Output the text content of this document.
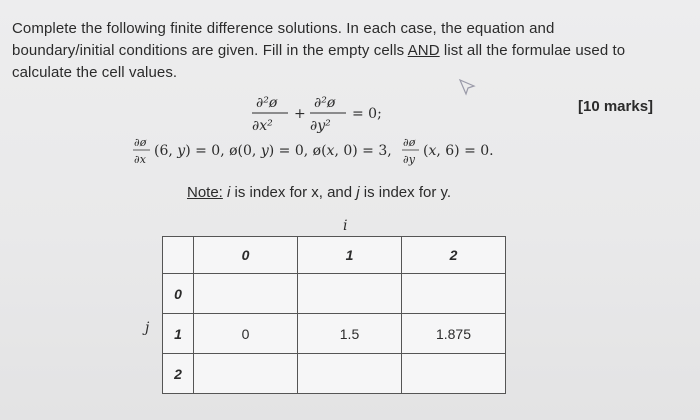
Complete the following finite difference solutions. In each case, the equation and
boundary/initial conditions are given. Fill in the empty cells AND list all the formulae used to
calculate the cell values.
[10 marks]
∂²ø
∂x²
+
∂²ø
∂y²
= 0;
∂ø
∂x
(6, y) = 0, ø(0, y) = 0, ø(x, 0) = 3,
∂ø
∂y
(x, 6) = 0.
Note: i is index for x, and j is index for y.
i
j
	0	1	2
0			
1	0	1.5	1.875
2			
